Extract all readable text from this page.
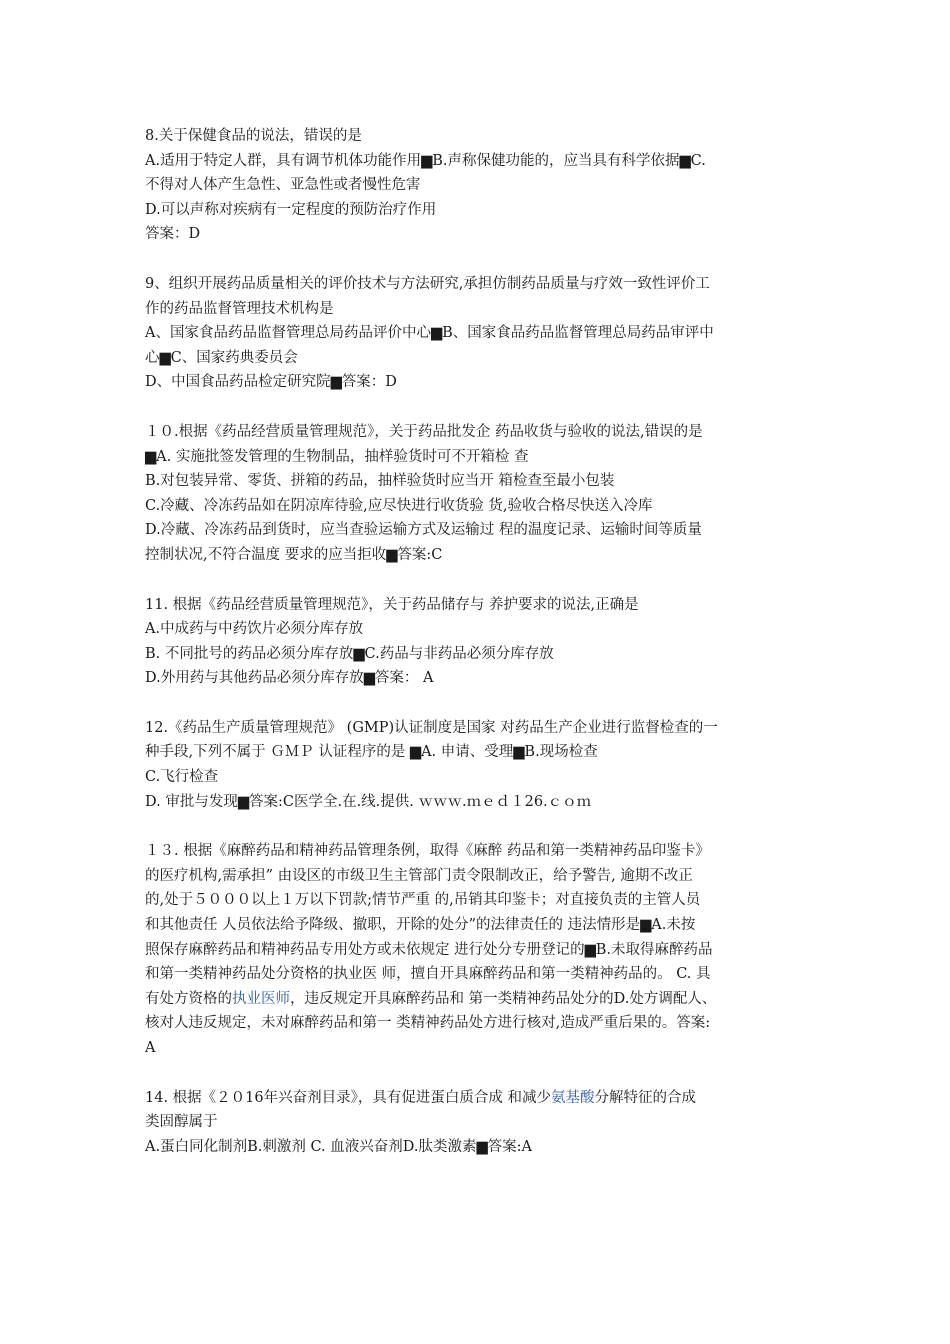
8.关于保健食品的说法，错误的是
A.适用于特定人群，具有调节机体功能作用▆B.声称保健功能的，应当具有科学依据▆C.
不得对人体产生急性、亚急性或者慢性危害
D.可以声称对疾病有一定程度的预防治疗作用
答案：D
9、组织开展药品质量相关的评价技术与方法研究,承担仿制药品质量与疗效一致性评价工
作的药品监督管理技术机构是
A、国家食品药品监督管理总局药品评价中心▆B、国家食品药品监督管理总局药品审评中
心▆C、国家药典委员会
D、中国食品药品检定研究院▆答案：D
１０.根据《药品经营质量管理规范》，关于药品批发企 药品收货与验收的说法,错误的是
▆A. 实施批签发管理的生物制品，抽样验货时可不开箱检 查
B.对包装异常、零货、拼箱的药品，抽样验货时应当开 箱检查至最小包装
C.冷藏、冷冻药品如在阴凉库待验,应尽快进行收货验 货,验收合格尽快送入冷库
D.冷藏、冷冻药品到货时，应当查验运输方式及运输过 程的温度记录、运输时间等质量
控制状况,不符合温度 要求的应当拒收▆答案:C
11. 根据《药品经营质量管理规范》，关于药品储存与 养护要求的说法,正确是
A.中成药与中药饮片必须分库存放
B. 不同批号的药品必须分库存放▆C.药品与非药品必须分库存放
D.外用药与其他药品必须分库存放▆答案： A
12.《药品生产质量管理规范》 (GMP)认证制度是国家 对药品生产企业进行监督检查的一
种手段,下列不属于 ＧＭＰ 认证程序的是 ▆A. 申请、受理▆B.现场检查
C.飞行检查
D. 审批与发现▆答案:C医学全.在.线.提供. ｗｗｗ.ｍｅｄ１26.ｃｏｍ
１３. 根据《麻醉药品和精神药品管理条例，取得《麻醉 药品和第一类精神药品印鉴卡》
的医疗机构,需承担” 由设区的市级卫生主管部门责令限制改正，给予警告, 逾期不改正
的,处于５０００以上１万以下罚款;情节严重 的,吊销其印鉴卡；对直接负责的主管人员
和其他责任 人员依法给予降级、撤职，开除的处分”的法律责任的 违法情形是▆A.未按
照保存麻醉药品和精神药品专用处方或未依规定 进行处分专册登记的▆B.未取得麻醉药品
和第一类精神药品处分资格的执业医 师，擅自开具麻醉药品和第一类精神药品的。 C. 具
有处方资格的执业医师，违反规定开具麻醉药品和 第一类精神药品处分的D.处方调配人、
核对人违反规定，未对麻醉药品和第一 类精神药品处方进行核对,造成严重后果的。答案:
A
14. 根据《２０16年兴奋剂目录》，具有促进蛋白质合成 和减少氨基酸分解特征的合成
类固醇属于
A.蛋白同化制剂B.刺激剂 C. 血液兴奋剂D.肽类激素▆答案:A
